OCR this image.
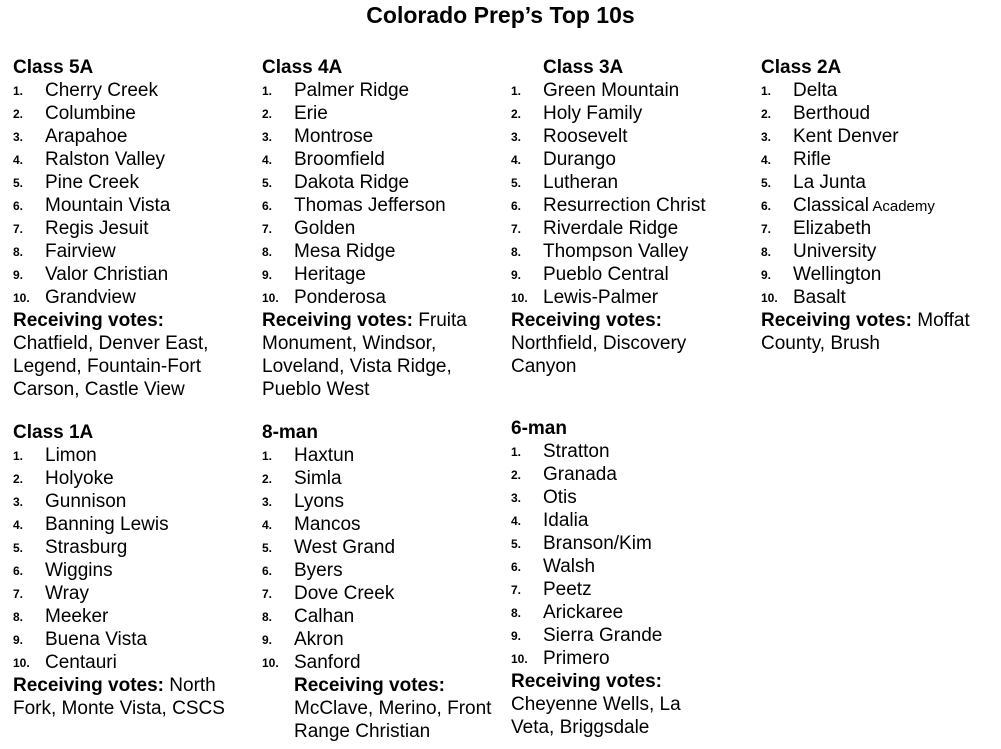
Colorado Prep’s Top 10s
Class 5A
1.	Cherry Creek
2.	Columbine
3.	Arapahoe
4.	Ralston Valley
5.	Pine Creek
6.	Mountain Vista
7.	Regis Jesuit
8.	Fairview
9.	Valor Christian
10. Grandview
Receiving votes:
Chatfield, Denver East, Legend, Fountain-Fort Carson, Castle View
Class 4A
1.	Palmer Ridge
2.	Erie
3.	Montrose
4.	Broomfield
5.	Dakota Ridge
6.	Thomas Jefferson
7.	Golden
8.	Mesa Ridge
9.	Heritage
10. Ponderosa
Receiving votes: Fruita Monument, Windsor, Loveland, Vista Ridge, Pueblo West
Class 3A
1.	Green Mountain
2.	Holy Family
3.	Roosevelt
4.	Durango
5.	Lutheran
6.	Resurrection Christ
7.	Riverdale Ridge
8.	Thompson Valley
9.	Pueblo Central
10. Lewis-Palmer
Receiving votes:
Northfield, Discovery Canyon
Class 2A
1.	Delta
2.	Berthoud
3.	Kent Denver
4.	Rifle
5.	La Junta
6.	Classical Academy
7.	Elizabeth
8.	University
9.	Wellington
10. Basalt
Receiving votes: Moffat County, Brush
Class 1A
1.	Limon
2.	Holyoke
3.	Gunnison
4.	Banning Lewis
5.	Strasburg
6.	Wiggins
7.	Wray
8.	Meeker
9.	Buena Vista
10. Centauri
Receiving votes: North Fork, Monte Vista, CSCS
8-man
1.	Haxtun
2.	Simla
3.	Lyons
4.	Mancos
5.	West Grand
6.	Byers
7.	Dove Creek
8.	Calhan
9.	Akron
10. Sanford
Receiving votes:
McClave, Merino, Front Range Christian
6-man
1.	Stratton
2.	Granada
3.	Otis
4.	Idalia
5.	Branson/Kim
6.	Walsh
7.	Peetz
8.	Arickaree
9.	Sierra Grande
10. Primero
Receiving votes:
Cheyenne Wells, La Veta, Briggsdale
